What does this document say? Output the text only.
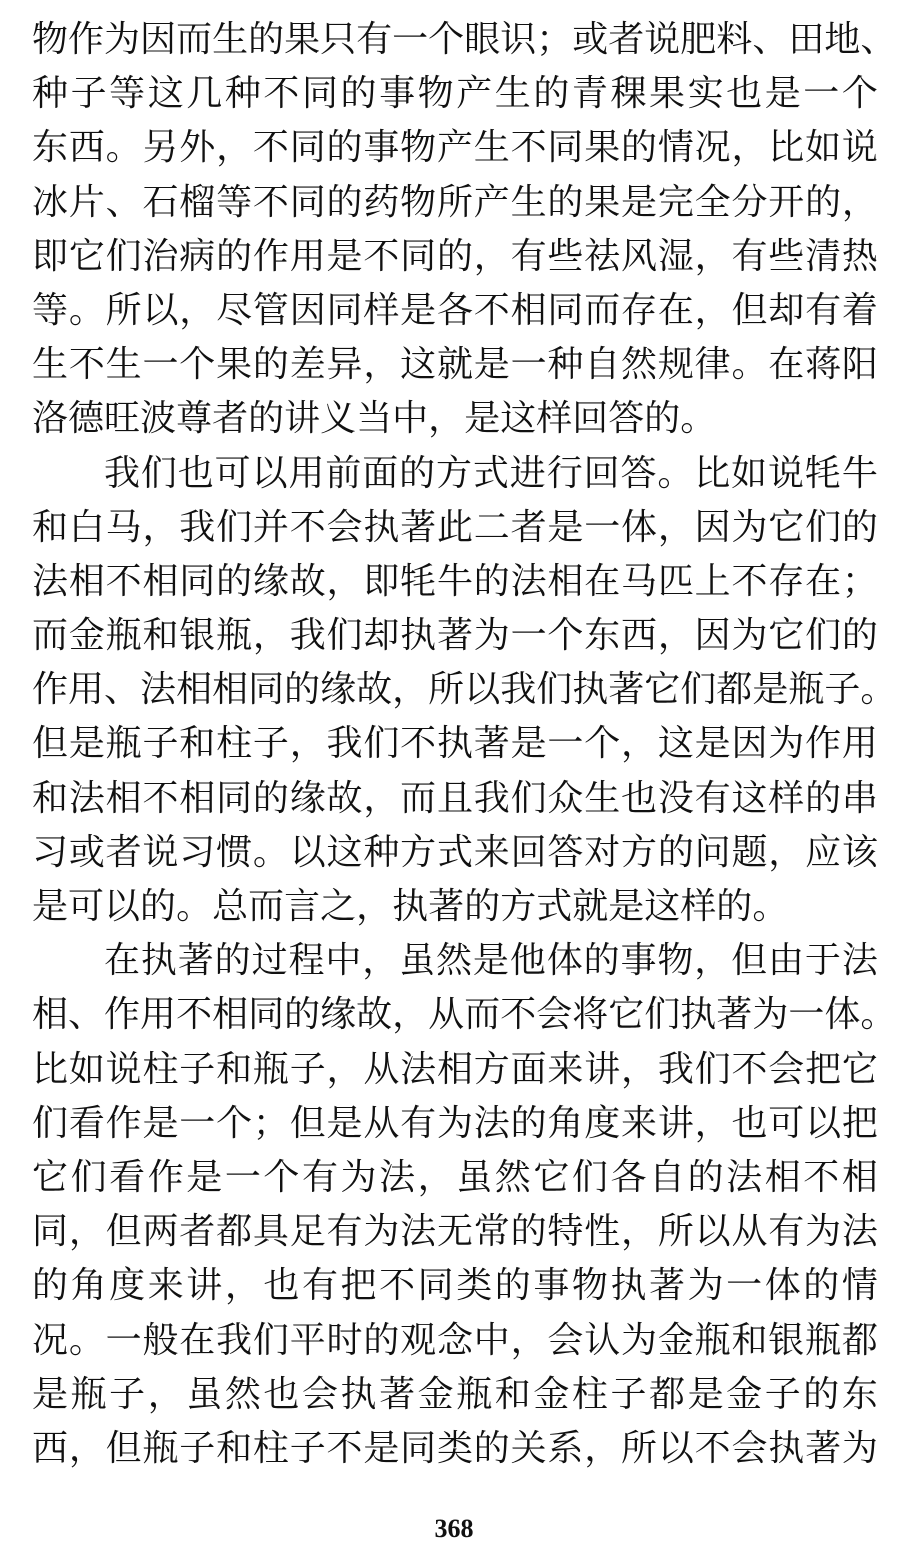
物 作 为 因 而 生 的 果 只 有 一 个 眼 识 ； 或 者 说 肥 料 、 田 地 、
种 子 等 这 几 种 不 同 的 事 物 产 生 的 青 稞 果 实 也 是 一 个
东 西 。 另 外 ， 不 同 的 事 物 产 生 不 同 果 的 情 况 ， 比 如 说
冰 片 、 石 榴 等 不 同 的 药 物 所 产 生 的 果 是 完 全 分 开 的 ，
即 它 们 治 病 的 作 用 是 不 同 的 ， 有 些 祛 风 湿 ， 有 些 清 热
等 。 所 以 ， 尽 管 因 同 样 是 各 不 相 同 而 存 在 ， 但 却 有 着
生 不 生 一 个 果 的 差 异 ， 这 就 是 一 种 自 然 规 律 。 在 蒋 阳
洛 德 旺 波 尊 者 的 讲 义 当 中 ， 是 这 样 回 答 的 。
我 们 也 可 以 用 前 面 的 方 式 进 行 回 答 。 比 如 说 牦 牛
和 白 马 ， 我 们 并 不 会 执 著 此 二 者 是 一 体 ， 因 为 它 们 的
法 相 不 相 同 的 缘 故 ， 即 牦 牛 的 法 相 在 马 匹 上 不 存 在 ；
而 金 瓶 和 银 瓶 ， 我 们 却 执 著 为 一 个 东 西 ， 因 为 它 们 的
作 用 、 法 相 相 同 的 缘 故 ， 所 以 我 们 执 著 它 们 都 是 瓶 子 。
但 是 瓶 子 和 柱 子 ， 我 们 不 执 著 是 一 个 ， 这 是 因 为 作 用
和 法 相 不 相 同 的 缘 故 ， 而 且 我 们 众 生 也 没 有 这 样 的 串
习 或 者 说 习 惯 。 以 这 种 方 式 来 回 答 对 方 的 问 题 ， 应 该
是 可 以 的 。 总 而 言 之 ， 执 著 的 方 式 就 是 这 样 的 。
在 执 著 的 过 程 中 ， 虽 然 是 他 体 的 事 物 ， 但 由 于 法
相 、 作 用 不 相 同 的 缘 故 ， 从 而 不 会 将 它 们 执 著 为 一 体 。
比 如 说 柱 子 和 瓶 子 ， 从 法 相 方 面 来 讲 ， 我 们 不 会 把 它
们 看 作 是 一 个 ； 但 是 从 有 为 法 的 角 度 来 讲 ， 也 可 以 把
它 们 看 作 是 一 个 有 为 法 ， 虽 然 它 们 各 自 的 法 相 不 相
同 ， 但 两 者 都 具 足 有 为 法 无 常 的 特 性 ， 所 以 从 有 为 法
的 角 度 来 讲 ， 也 有 把 不 同 类 的 事 物 执 著 为 一 体 的 情
况 。 一 般 在 我 们 平 时 的 观 念 中 ， 会 认 为 金 瓶 和 银 瓶 都
是 瓶 子 ， 虽 然 也 会 执 著 金 瓶 和 金 柱 子 都 是 金 子 的 东
西 ， 但 瓶 子 和 柱 子 不 是 同 类 的 关 系 ， 所 以 不 会 执 著 为
368
